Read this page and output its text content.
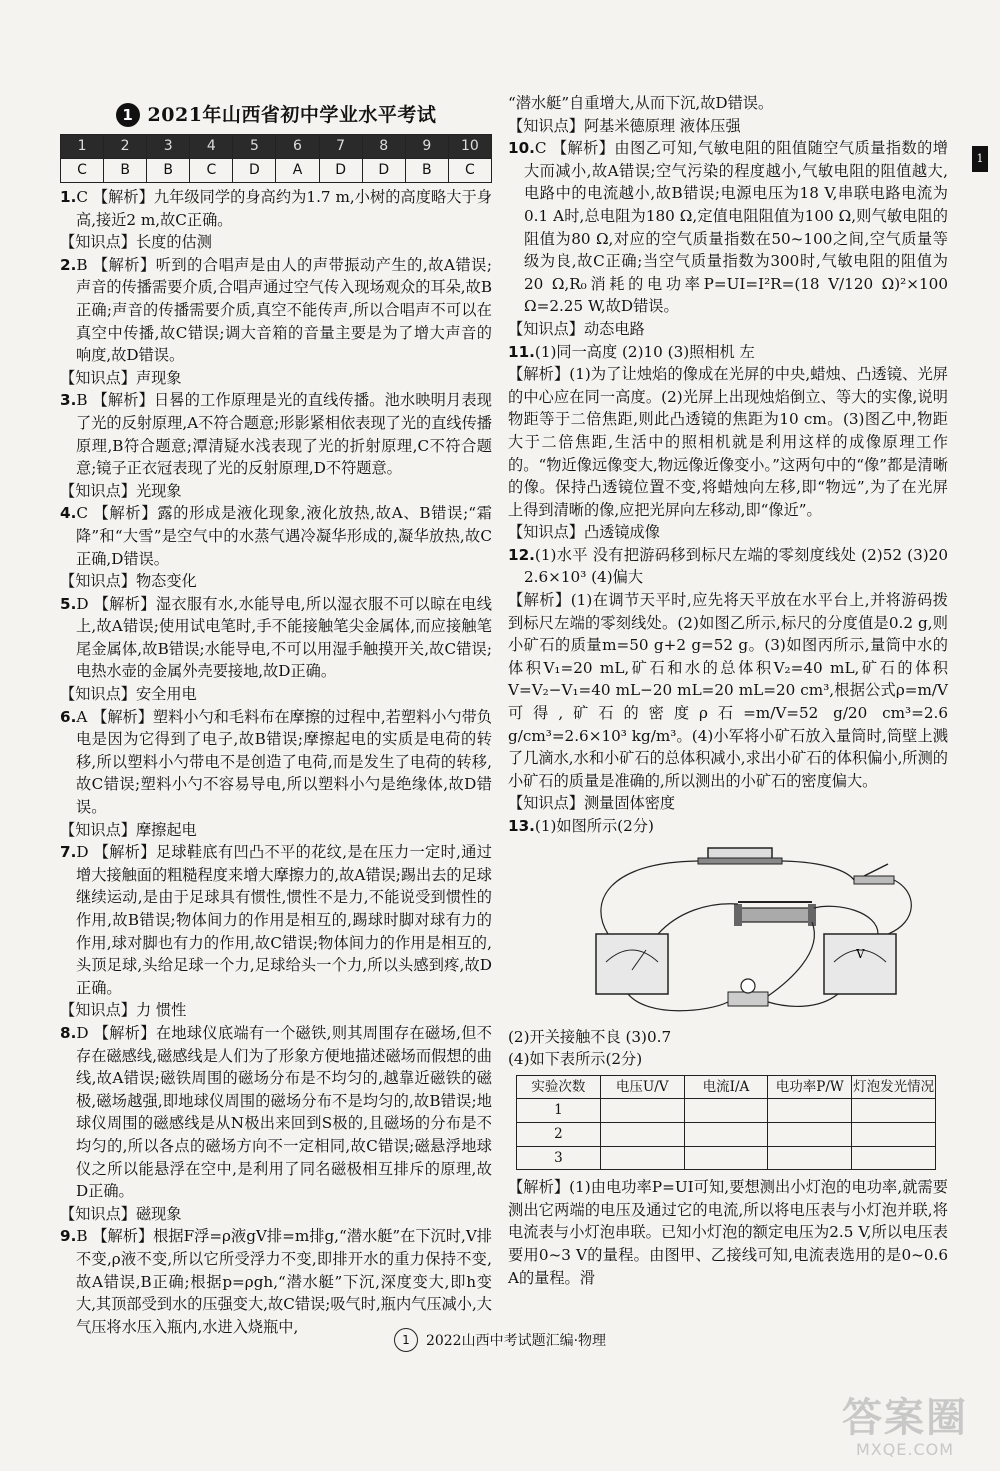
1
1 2021年山西省初中学业水平考试
1	2	3	4	5	6	7	8	9	10
C	B	B	C	D	A	D	D	B	C

1.C 【解析】九年级同学的身高约为1.7 m,小树的高度略大于身高,接近2 m,故C正确。

【知识点】长度的估测

2.B 【解析】听到的合唱声是由人的声带振动产生的,故A错误;声音的传播需要介质,合唱声通过空气传入现场观众的耳朵,故B正确;声音的传播需要介质,真空不能传声,所以合唱声不可以在真空中传播,故C错误;调大音箱的音量主要是为了增大声音的响度,故D错误。

【知识点】声现象

3.B 【解析】日晷的工作原理是光的直线传播。池水映明月表现了光的反射原理,A不符合题意;形影紧相依表现了光的直线传播原理,B符合题意;潭清疑水浅表现了光的折射原理,C不符合题意;镜子正衣冠表现了光的反射原理,D不符题意。

【知识点】光现象

4.C 【解析】露的形成是液化现象,液化放热,故A、B错误;“霜降”和“大雪”是空气中的水蒸气遇冷凝华形成的,凝华放热,故C正确,D错误。

【知识点】物态变化

5.D 【解析】湿衣服有水,水能导电,所以湿衣服不可以晾在电线上,故A错误;使用试电笔时,手不能接触笔尖金属体,而应接触笔尾金属体,故B错误;水能导电,不可以用湿手触摸开关,故C错误;电热水壶的金属外壳要接地,故D正确。

【知识点】安全用电

6.A 【解析】塑料小勺和毛料布在摩擦的过程中,若塑料小勺带负电是因为它得到了电子,故B错误;摩擦起电的实质是电荷的转移,所以塑料小勺带电不是创造了电荷,而是发生了电荷的转移,故C错误;塑料小勺不容易导电,所以塑料小勺是绝缘体,故D错误。

【知识点】摩擦起电

7.D 【解析】足球鞋底有凹凸不平的花纹,是在压力一定时,通过增大接触面的粗糙程度来增大摩擦力的,故A错误;踢出去的足球继续运动,是由于足球具有惯性,惯性不是力,不能说受到惯性的作用,故B错误;物体间力的作用是相互的,踢球时脚对球有力的作用,球对脚也有力的作用,故C错误;物体间力的作用是相互的,头顶足球,头给足球一个力,足球给头一个力,所以头感到疼,故D正确。

【知识点】力 惯性

8.D 【解析】在地球仪底端有一个磁铁,则其周围存在磁场,但不存在磁感线,磁感线是人们为了形象方便地描述磁场而假想的曲线,故A错误;磁铁周围的磁场分布是不均匀的,越靠近磁铁的磁极,磁场越强,即地球仪周围的磁场分布不是均匀的,故B错误;地球仪周围的磁感线是从N极出来回到S极的,且磁场的分布是不均匀的,所以各点的磁场方向不一定相同,故C错误;磁悬浮地球仪之所以能悬浮在空中,是利用了同名磁极相互排斥的原理,故D正确。

【知识点】磁现象

9.B 【解析】根据F浮=ρ液gV排=m排g,“潜水艇”在下沉时,V排不变,ρ液不变,所以它所受浮力不变,即排开水的重力保持不变,故A错误,B正确;根据p=ρgh,“潜水艇”下沉,深度变大,即h变大,其顶部受到水的压强变大,故C错误;吸气时,瓶内气压减小,大气压将水压入瓶内,水进入烧瓶中,

“潜水艇”自重增大,从而下沉,故D错误。

【知识点】阿基米德原理 液体压强

10.C 【解析】由图乙可知,气敏电阻的阻值随空气质量指数的增大而减小,故A错误;空气污染的程度越小,气敏电阻的阻值越大,电路中的电流越小,故B错误;电源电压为18 V,串联电路电流为0.1 A时,总电阻为180 Ω,定值电阻阻值为100 Ω,则气敏电阻的阻值为80 Ω,对应的空气质量指数在50~100之间,空气质量等级为良,故C正确;当空气质量指数为300时,气敏电阻的阻值为20 Ω,R₀消耗的电功率P=UI=I²R=(18 V/120 Ω)²×100 Ω=2.25 W,故D错误。

【知识点】动态电路

11.(1)同一高度 (2)10 (3)照相机 左

【解析】(1)为了让烛焰的像成在光屏的中央,蜡烛、凸透镜、光屏的中心应在同一高度。(2)光屏上出现烛焰倒立、等大的实像,说明物距等于二倍焦距,则此凸透镜的焦距为10 cm。(3)图乙中,物距大于二倍焦距,生活中的照相机就是利用这样的成像原理工作的。“物近像远像变大,物远像近像变小。”这两句中的“像”都是清晰的像。保持凸透镜位置不变,将蜡烛向左移,即“物远”,为了在光屏上得到清晰的像,应把光屏向左移动,即“像近”。

【知识点】凸透镜成像

12.(1)水平 没有把游码移到标尺左端的零刻度线处 (2)52 (3)20 2.6×10³ (4)偏大

【解析】(1)在调节天平时,应先将天平放在水平台上,并将游码拨到标尺左端的零刻线处。(2)如图乙所示,标尺的分度值是0.2 g,则小矿石的质量m=50 g+2 g=52 g。(3)如图丙所示,量筒中水的体积V₁=20 mL,矿石和水的总体积V₂=40 mL,矿石的体积V=V₂−V₁=40 mL−20 mL=20 mL=20 cm³,根据公式ρ=m/V可得,矿石的密度ρ石=m/V=52 g/20 cm³=2.6 g/cm³=2.6×10³ kg/m³。(4)小军将小矿石放入量筒时,筒壁上溅了几滴水,水和小矿石的总体积减小,求出小矿石的体积偏小,所测的小矿石的质量是准确的,所以测出的小矿石的密度偏大。

【知识点】测量固体密度

13.(1)如图所示(2分)

V

(2)开关接触不良 (3)0.7

(4)如下表所示(2分)

实验次数	电压U/V	电流I/A	电功率P/W	灯泡发光情况
1				
2				
3				

【解析】(1)由电功率P=UI可知,要想测出小灯泡的电功率,就需要测出它两端的电压及通过它的电流,所以将电压表与小灯泡并联,将电流表与小灯泡串联。已知小灯泡的额定电压为2.5 V,所以电压表要用0~3 V的量程。由图甲、乙接线可知,电流表选用的是0~0.6 A的量程。滑

1	2022山西中考试题汇编·物理
答案圈
MXQE.COM
